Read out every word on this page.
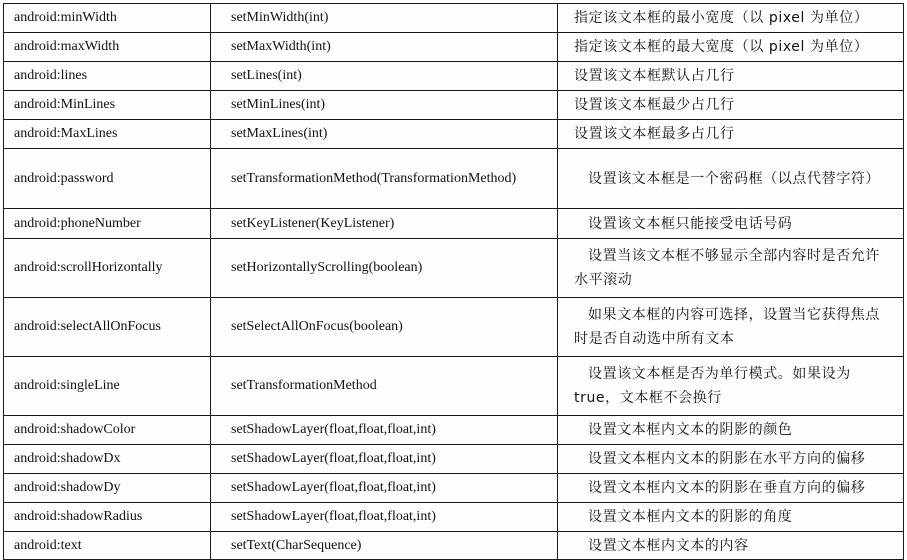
android:minWidth	setMinWidth(int)	指定该文本框的最小宽度（以 pixel 为单位）
android:maxWidth	setMaxWidth(int)	指定该文本框的最大宽度（以 pixel 为单位）
android:lines	setLines(int)	设置该文本框默认占几行
android:MinLines	setMinLines(int)	设置该文本框最少占几行
android:MaxLines	setMaxLines(int)	设置该文本框最多占几行
android:password	setTransformationMethod(TransformationMethod)	设置该文本框是一个密码框（以点代替字符）

android:phoneNumber	setKeyListener(KeyListener)	设置该文本框只能接受电话号码

android:scrollHorizontally	setHorizontallyScrolling(boolean)	设置当该文本框不够显示全部内容时是否允许水平滚动

android:selectAllOnFocus	setSelectAllOnFocus(boolean)	如果文本框的内容可选择，设置当它获得焦点时是否自动选中所有文本

android:singleLine	setTransformationMethod	设置该文本框是否为单行模式。如果设为 true，文本框不会换行

android:shadowColor	setShadowLayer(float,float,float,int)	设置文本框内文本的阴影的颜色

android:shadowDx	setShadowLayer(float,float,float,int)	设置文本框内文本的阴影在水平方向的偏移

android:shadowDy	setShadowLayer(float,float,float,int)	设置文本框内文本的阴影在垂直方向的偏移

android:shadowRadius	setShadowLayer(float,float,float,int)	设置文本框内文本的阴影的角度

android:text	setText(CharSequence)	设置文本框内文本的内容
